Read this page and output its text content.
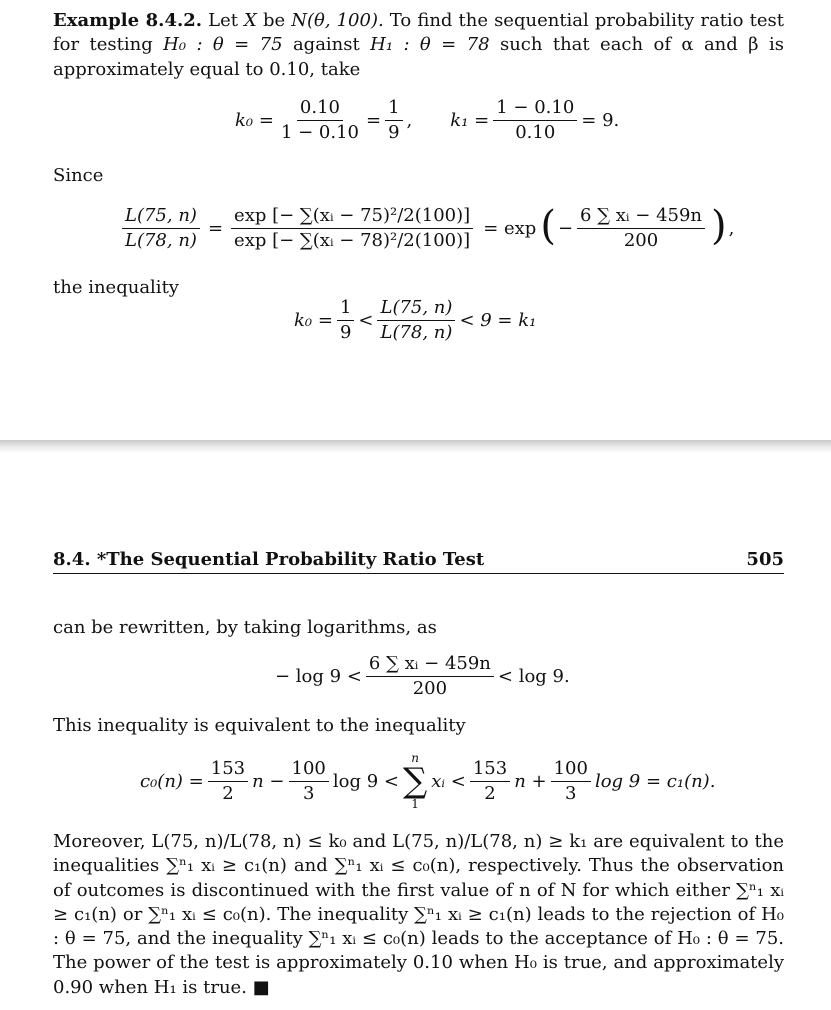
Example 8.4.2. Let X be N(θ, 100). To find the sequential probability ratio test for testing H₀ : θ = 75 against H₁ : θ = 78 such that each of α and β is approximately equal to 0.10, take
$k_0 = \frac{0.10}{1 - 0.10} = \frac{1}{9}$ , $k_1 = \frac{1 - 0.10}{0.10} = 9$.
Since
$\frac{L(75, n)}{L(78, n)} = \frac{\text{exp [− ∑(xᵢ − 75)²/2(100)]}}{\text{exp [− ∑(xᵢ − 78)²/2(100)]}} = \exp$ ( − $\frac{\text{6 ∑ xᵢ − 459n}}{200}$ ) ,
the inequality
$k_0 = \frac{1}{9} < \frac{L(75, n)}{L(78, n)} < 9 = k_1$
8.4. *The Sequential Probability Ratio Test	505
can be rewritten, by taking logarithms, as
− $\log 9 < \frac{\text{6 ∑ xᵢ − 459n}}{200} < \log 9$.
This inequality is equivalent to the inequality
$c_0(n) = \frac{153}{2}$ $n - \frac{100}{3}$ log 9 <
n
∑
1
xᵢ < $\frac{153}{2}$ $n + \frac{100}{3}$ log 9 = c₁(n).
Moreover, L(75, n)/L(78, n) ≤ k₀ and L(75, n)/L(78, n) ≥ k₁ are equivalent to the inequalities ∑ⁿ₁ xᵢ ≥ c₁(n) and ∑ⁿ₁ xᵢ ≤ c₀(n), respectively. Thus the observation of outcomes is discontinued with the first value of n of N for which either ∑ⁿ₁ xᵢ ≥ c₁(n) or ∑ⁿ₁ xᵢ ≤ c₀(n). The inequality ∑ⁿ₁ xᵢ ≥ c₁(n) leads to the rejection of H₀ : θ = 75, and the inequality ∑ⁿ₁ xᵢ ≤ c₀(n) leads to the acceptance of H₀ : θ = 75. The power of the test is approximately 0.10 when H₀ is true, and approximately 0.90 when H₁ is true. ■
